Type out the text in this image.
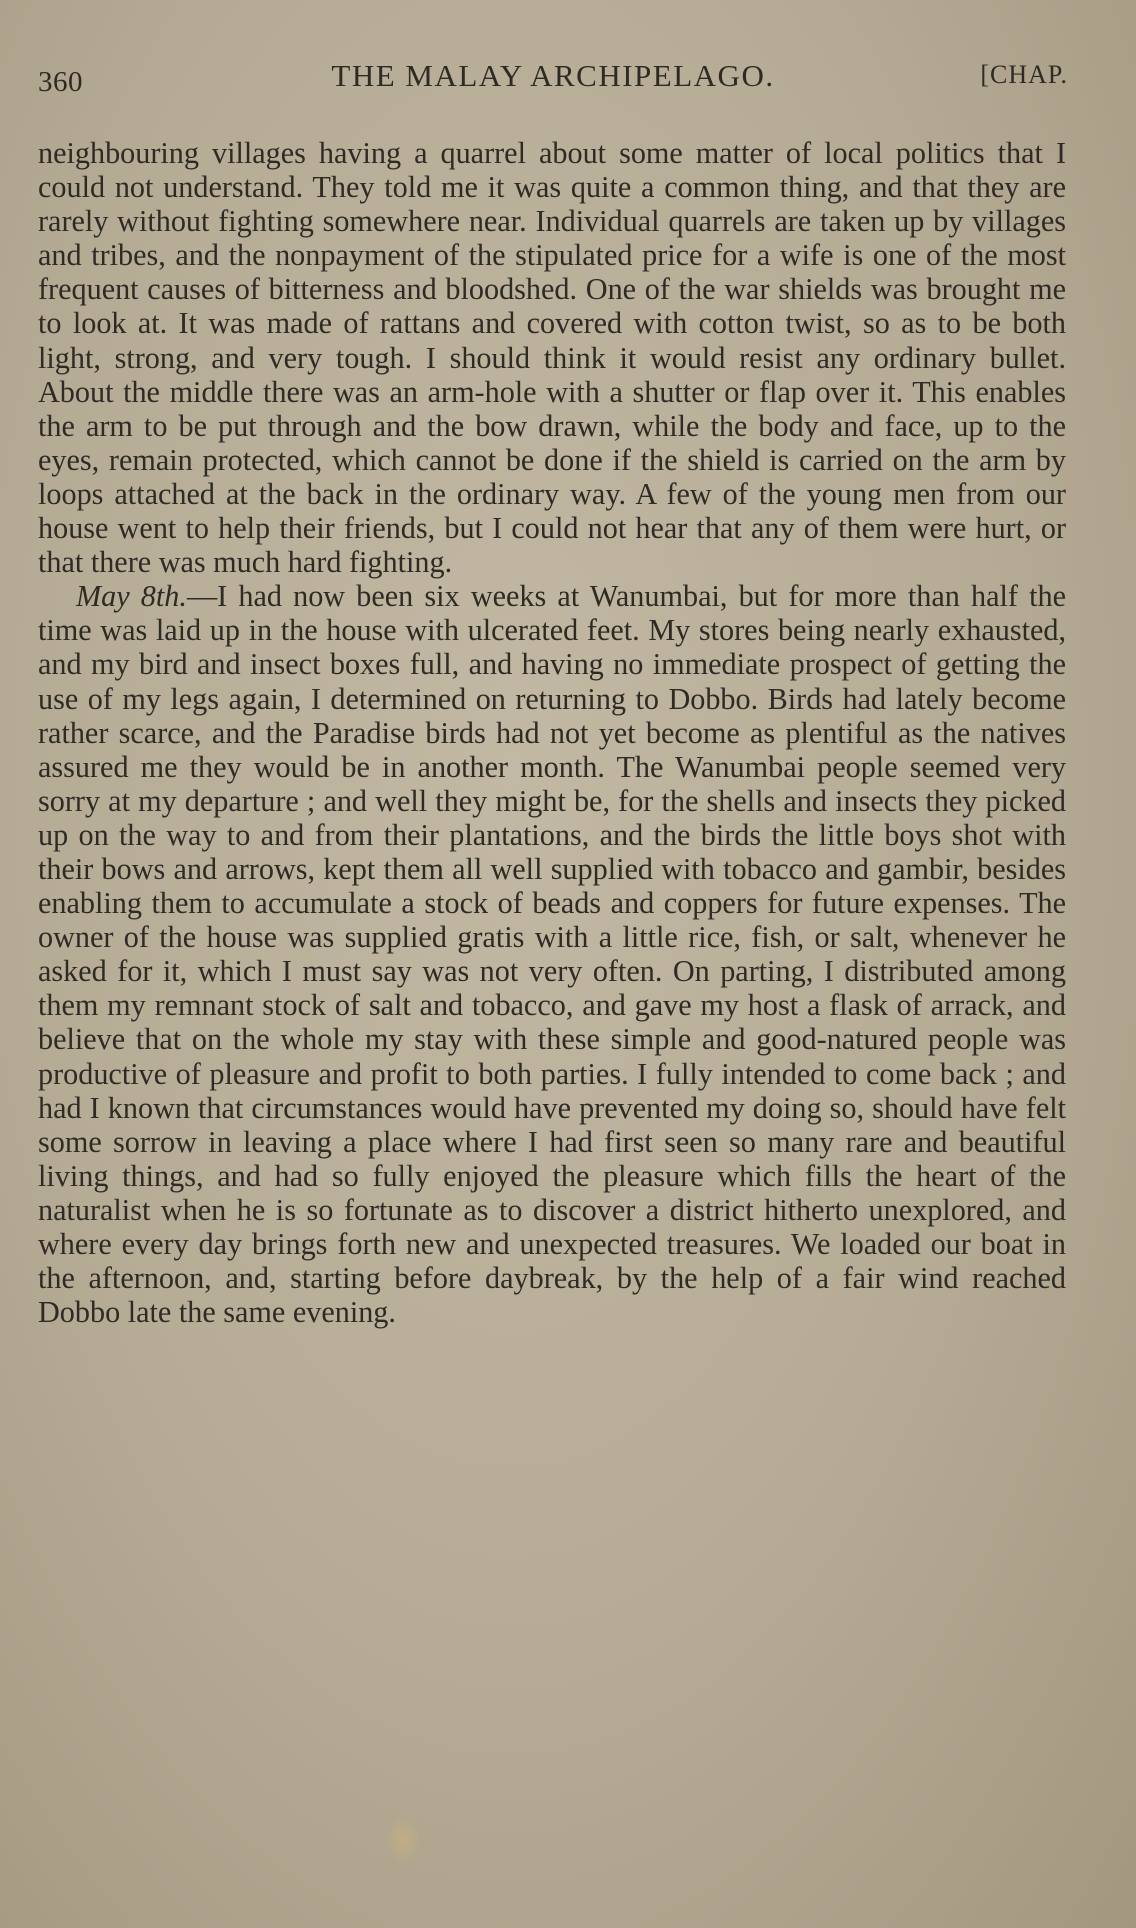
360	THE MALAY ARCHIPELAGO.	[CHAP.

neighbouring villages having a quarrel about some matter of local politics that I could not understand. They told me it was quite a common thing, and that they are rarely without fighting somewhere near. Individual quarrels are taken up by villages and tribes, and the nonpayment of the stipulated price for a wife is one of the most frequent causes of bitterness and bloodshed. One of the war shields was brought me to look at. It was made of rattans and covered with cotton twist, so as to be both light, strong, and very tough. I should think it would resist any ordinary bullet. About the middle there was an arm-hole with a shutter or flap over it. This enables the arm to be put through and the bow drawn, while the body and face, up to the eyes, remain protected, which cannot be done if the shield is carried on the arm by loops attached at the back in the ordinary way. A few of the young men from our house went to help their friends, but I could not hear that any of them were hurt, or that there was much hard fighting.

May 8th.—I had now been six weeks at Wanumbai, but for more than half the time was laid up in the house with ulcerated feet. My stores being nearly exhausted, and my bird and insect boxes full, and having no immediate prospect of getting the use of my legs again, I determined on returning to Dobbo. Birds had lately become rather scarce, and the Paradise birds had not yet become as plentiful as the natives assured me they would be in another month. The Wanumbai people seemed very sorry at my departure ; and well they might be, for the shells and insects they picked up on the way to and from their plantations, and the birds the little boys shot with their bows and arrows, kept them all well supplied with tobacco and gambir, besides enabling them to accumulate a stock of beads and coppers for future expenses. The owner of the house was supplied gratis with a little rice, fish, or salt, whenever he asked for it, which I must say was not very often. On parting, I distributed among them my remnant stock of salt and tobacco, and gave my host a flask of arrack, and believe that on the whole my stay with these simple and good-natured people was productive of pleasure and profit to both parties. I fully intended to come back ; and had I known that circumstances would have prevented my doing so, should have felt some sorrow in leaving a place where I had first seen so many rare and beautiful living things, and had so fully enjoyed the pleasure which fills the heart of the naturalist when he is so fortunate as to discover a district hitherto unexplored, and where every day brings forth new and unexpected treasures. We loaded our boat in the afternoon, and, starting before daybreak, by the help of a fair wind reached Dobbo late the same evening.
